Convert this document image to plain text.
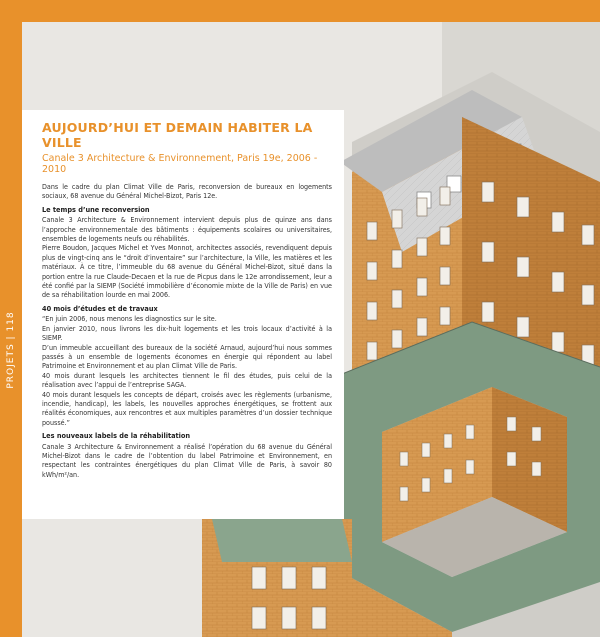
PROJETS | 118
AUJOURD’HUI ET DEMAIN HABITER LA VILLE
Canale 3 Architecture & Environnement, Paris 19e, 2006 - 2010

Dans le cadre du plan Climat Ville de Paris, reconversion de bureaux en logements sociaux, 68 avenue du Général Michel-Bizot, Paris 12e.

Le temps d’une reconversion

Canale 3 Architecture & Environnement intervient depuis plus de quinze ans dans l’approche environnementale des bâtiments : équipements scolaires ou universitaires, ensembles de logements neufs ou réhabilités.

Pierre Boudon, Jacques Michel et Yves Monnot, architectes associés, revendiquent depuis plus de vingt-cinq ans le “droit d’inventaire” sur l’architecture, la Ville, les matières et les matériaux. À ce titre, l’immeuble du 68 avenue du Général Michel-Bizot, situé dans la portion entre la rue Claude-Decaen et la rue de Picpus dans le 12e arrondissement, leur a été confié par la SIEMP (Société immobilière d’économie mixte de la Ville de Paris) en vue de sa réhabilitation lourde en mai 2006.

40 mois d’études et de travaux

“En juin 2006, nous menons les diagnostics sur le site.

En janvier 2010, nous livrons les dix-huit logements et les trois locaux d’activité à la SIEMP.

D’un immeuble accueillant des bureaux de la société Arnaud, aujourd’hui nous sommes passés à un ensemble de logements économes en énergie qui répondent au label Patrimoine et Environnement et au plan Climat Ville de Paris.

40 mois durant lesquels les architectes tiennent le fil des études, puis celui de la réalisation avec l’appui de l’entreprise SAGA.

40 mois durant lesquels les concepts de départ, croisés avec les règlements (urbanisme, incendie, handicap), les labels, les nouvelles approches énergétiques, se frottent aux réalités économiques, aux rencontres et aux multiples paramètres d’un dossier technique poussé.”

Les nouveaux labels de la réhabilitation

Canale 3 Architecture & Environnement a réalisé l’opération du 68 avenue du Général Michel-Bizot dans le cadre de l’obtention du label Patrimoine et Environnement, en respectant les contraintes énergétiques du plan Climat Ville de Paris, à savoir 80 kWh/m²/an.
